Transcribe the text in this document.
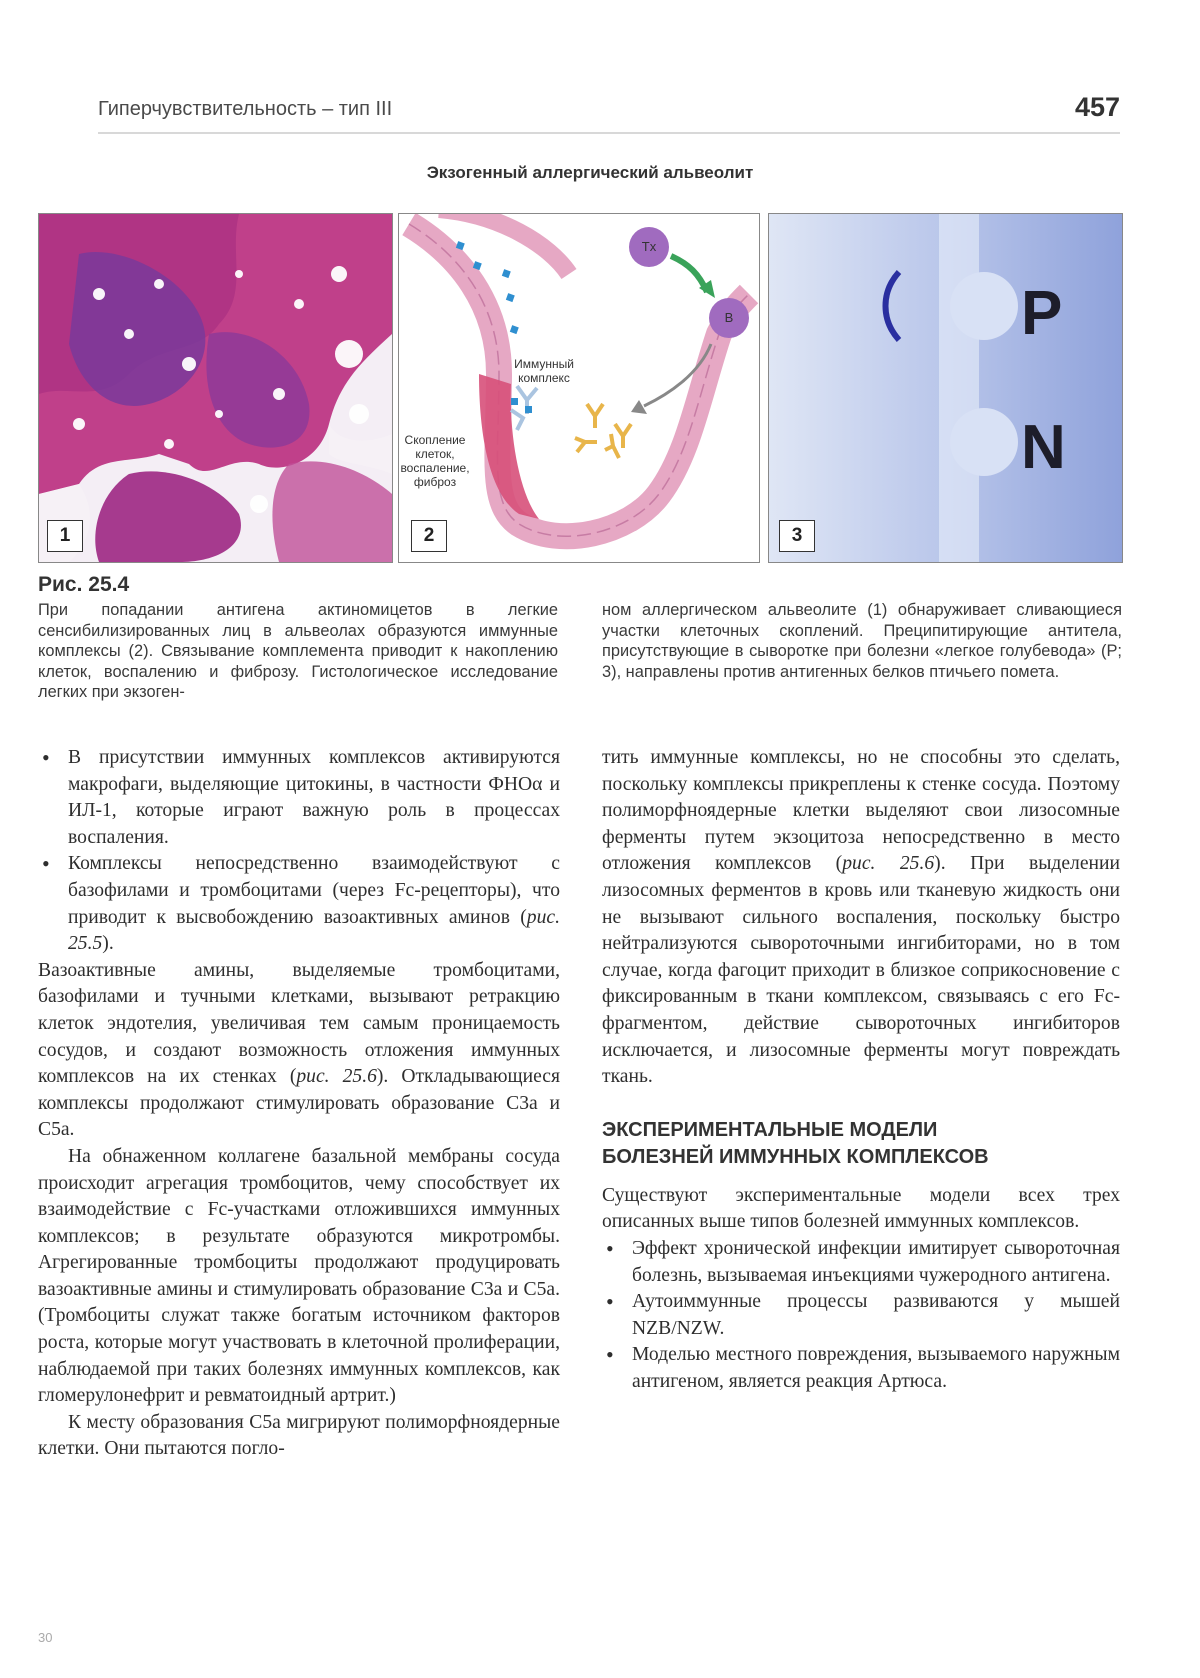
Гиперчувствительность – тип III	457
Экзогенный аллергический альвеолит
1
Tx
B
Иммунный
комплекс
Скопление
клеток,
воспаление,
фиброз
2
P
N
3
Рис. 25.4
При попадании антигена актиномицетов в легкие сенсибилизированных лиц в альвеолах образуются иммунные комплексы (2). Связывание комплемента приводит к накоплению клеток, воспалению и фиброзу. Гистологическое исследование легких при экзоген-
ном аллергическом альвеолите (1) обнаруживает сливающиеся участки клеточных скоплений. Преципитирующие антитела, присутствующие в сыворотке при болезни «легкое голубевода» (P; 3), направлены против антигенных белков птичьего помета.

• В присутствии иммунных комплексов активируются макрофаги, выделяющие цитокины, в частности ФНОα и ИЛ-1, которые играют важную роль в процессах воспаления.

• Комплексы непосредственно взаимодействуют с базофилами и тромбоцитами (через Fc-рецепторы), что приводит к высвобождению вазоактивных аминов (рис. 25.5).

Вазоактивные амины, выделяемые тромбоцитами, базофилами и тучными клетками, вызывают ретракцию клеток эндотелия, увеличивая тем самым проницаемость сосудов, и создают возможность отложения иммунных комплексов на их стенках (рис. 25.6). Откладывающиеся комплексы продолжают стимулировать образование С3а и С5а.

На обнаженном коллагене базальной мембраны сосуда происходит агрегация тромбоцитов, чему способствует их взаимодействие с Fc-участками отложившихся иммунных комплексов; в результате образуются микротромбы. Агрегированные тромбоциты продолжают продуцировать вазоактивные амины и стимулировать образование С3а и С5а. (Тромбоциты служат также богатым источником факторов роста, которые могут участвовать в клеточной пролиферации, наблюдаемой при таких болезнях иммунных комплексов, как гломерулонефрит и ревматоидный артрит.)

К месту образования С5а мигрируют полиморфноядерные клетки. Они пытаются погло-

тить иммунные комплексы, но не способны это сделать, поскольку комплексы прикреплены к стенке сосуда. Поэтому полиморфноядерные клетки выделяют свои лизосомные ферменты путем экзоцитоза непосредственно в место отложения комплексов (рис. 25.6). При выделении лизосомных ферментов в кровь или тканевую жидкость они не вызывают сильного воспаления, поскольку быстро нейтрализуются сывороточными ингибиторами, но в том случае, когда фагоцит приходит в близкое соприкосновение с фиксированным в ткани комплексом, связываясь с его Fc-фрагментом, действие сывороточных ингибиторов исключается, и лизосомные ферменты могут повреждать ткань.

ЭКСПЕРИМЕНТАЛЬНЫЕ МОДЕЛИ
БОЛЕЗНЕЙ ИММУННЫХ КОМПЛЕКСОВ

Существуют экспериментальные модели всех трех описанных выше типов болезней иммунных комплексов.

• Эффект хронической инфекции имитирует сывороточная болезнь, вызываемая инъекциями чужеродного антигена.

• Аутоиммунные процессы развиваются у мышей NZB/NZW.

• Моделью местного повреждения, вызываемого наружным антигеном, является реакция Артюса.

30
